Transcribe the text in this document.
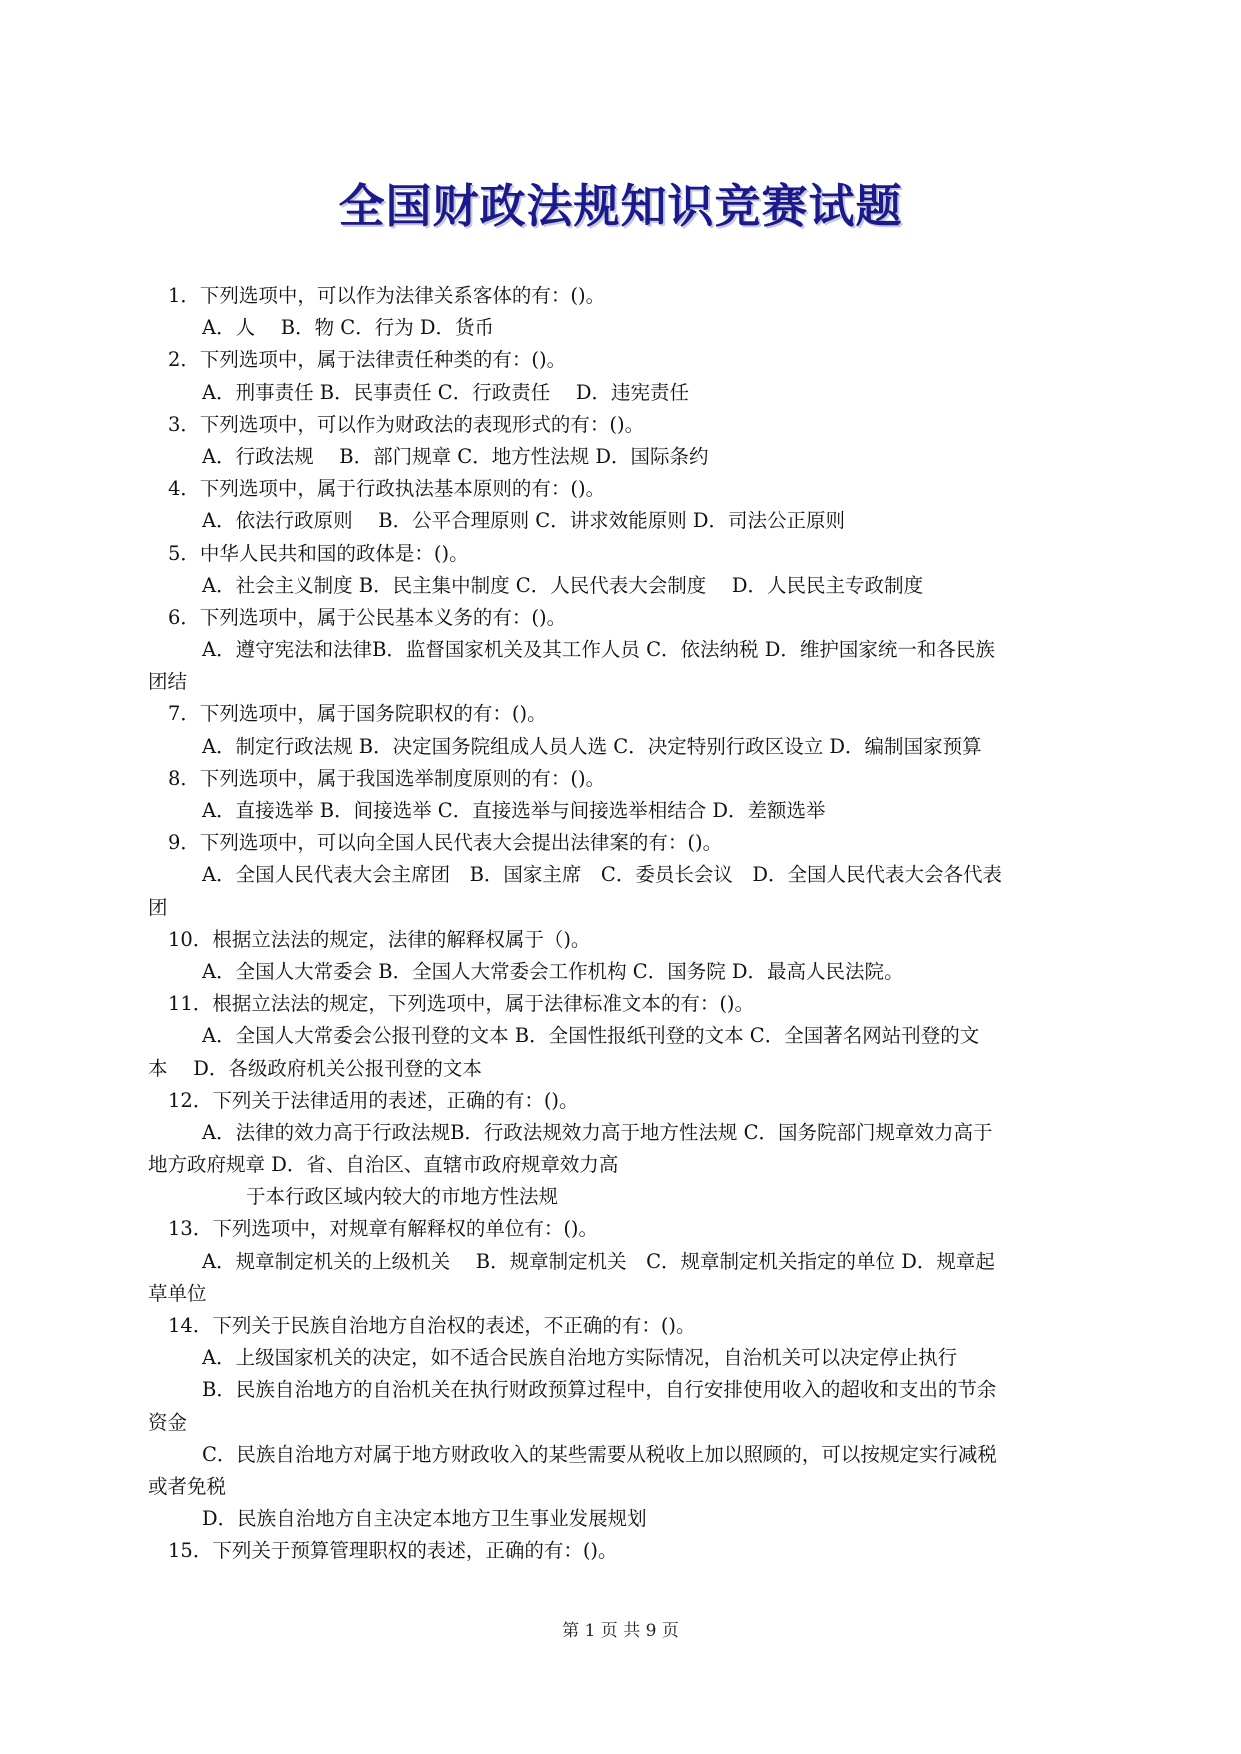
全国财政法规知识竞赛试题
1．下列选项中，可以作为法律关系客体的有：()。
A．人　 B．物 C．行为 D．货币
2．下列选项中，属于法律责任种类的有：()。
A．刑事责任 B．民事责任 C．行政责任　 D．违宪责任
3．下列选项中，可以作为财政法的表现形式的有：()。
A．行政法规　 B．部门规章 C．地方性法规 D．国际条约
4．下列选项中，属于行政执法基本原则的有：()。
A．依法行政原则　 B．公平合理原则 C．讲求效能原则 D．司法公正原则
5．中华人民共和国的政体是：()。
A．社会主义制度 B．民主集中制度 C．人民代表大会制度　 D．人民民主专政制度
6．下列选项中，属于公民基本义务的有：()。
A．遵守宪法和法律B．监督国家机关及其工作人员 C．依法纳税 D．维护国家统一和各民族
团结
7．下列选项中，属于国务院职权的有：()。
A．制定行政法规 B．决定国务院组成人员人选 C．决定特别行政区设立 D．编制国家预算
8．下列选项中，属于我国选举制度原则的有：()。
A．直接选举 B．间接选举 C．直接选举与间接选举相结合 D．差额选举
9．下列选项中，可以向全国人民代表大会提出法律案的有：()。
A．全国人民代表大会主席团　B．国家主席　C．委员长会议　D．全国人民代表大会各代表
团
10．根据立法法的规定，法律的解释权属于（)。
A．全国人大常委会 B．全国人大常委会工作机构 C．国务院 D．最高人民法院。
11．根据立法法的规定，下列选项中，属于法律标准文本的有：()。
A．全国人大常委会公报刊登的文本 B．全国性报纸刊登的文本 C．全国著名网站刊登的文
本　 D．各级政府机关公报刊登的文本
12．下列关于法律适用的表述，正确的有：()。
A．法律的效力高于行政法规B．行政法规效力高于地方性法规 C．国务院部门规章效力高于
地方政府规章 D．省、自治区、直辖市政府规章效力高
于本行政区域内较大的市地方性法规
13．下列选项中，对规章有解释权的单位有：()。
A．规章制定机关的上级机关　 B．规章制定机关　C．规章制定机关指定的单位 D．规章起
草单位
14．下列关于民族自治地方自治权的表述，不正确的有：()。
A．上级国家机关的决定，如不适合民族自治地方实际情况，自治机关可以决定停止执行
B．民族自治地方的自治机关在执行财政预算过程中，自行安排使用收入的超收和支出的节余
资金
C．民族自治地方对属于地方财政收入的某些需要从税收上加以照顾的，可以按规定实行减税
或者免税
D．民族自治地方自主决定本地方卫生事业发展规划
15．下列关于预算管理职权的表述，正确的有：()。
第 1 页 共 9 页
